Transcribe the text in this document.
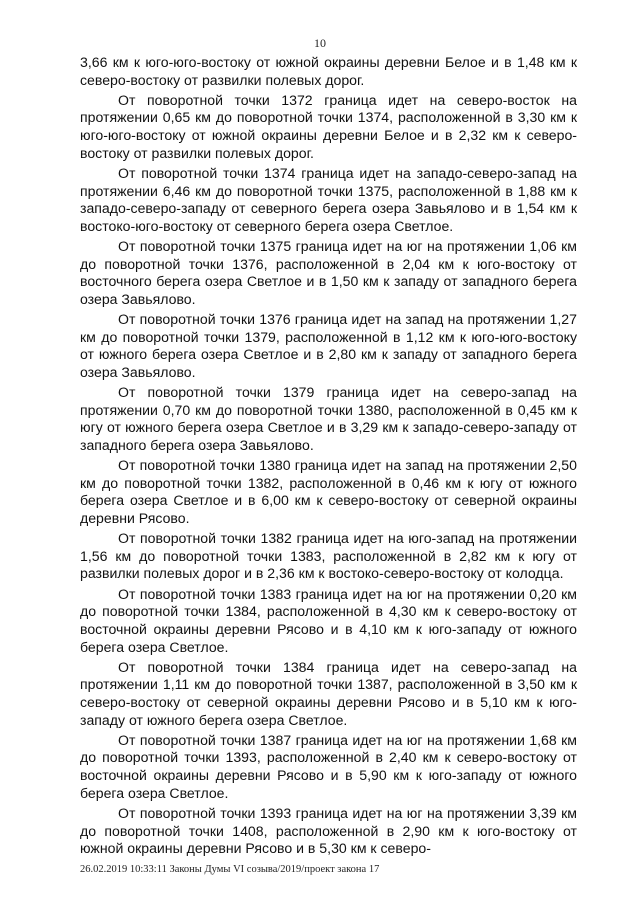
10

3,66 км к юго-юго-востоку от южной окраины деревни Белое и в 1,48 км к северо-востоку от развилки полевых дорог.

От поворотной точки 1372 граница идет на северо-восток на протяжении 0,65 км до поворотной точки 1374, расположенной в 3,30 км к юго-юго-востоку от южной окраины деревни Белое и в 2,32 км к северо-востоку от развилки полевых дорог.

От поворотной точки 1374 граница идет на западо-северо-запад на протяжении 6,46 км до поворотной точки 1375, расположенной в 1,88 км к западо-северо-западу от северного берега озера Завьялово и в 1,54 км к востоко-юго-востоку от северного берега озера Светлое.

От поворотной точки 1375 граница идет на юг на протяжении 1,06 км до поворотной точки 1376, расположенной в 2,04 км к юго-востоку от восточного берега озера Светлое и в 1,50 км к западу от западного берега озера Завьялово.

От поворотной точки 1376 граница идет на запад на протяжении 1,27 км до поворотной точки 1379, расположенной в 1,12 км к юго-юго-востоку от южного берега озера Светлое и в 2,80 км к западу от западного берега озера Завьялово.

От поворотной точки 1379 граница идет на северо-запад на протяжении 0,70 км до поворотной точки 1380, расположенной в 0,45 км к югу от южного берега озера Светлое и в 3,29 км к западо-северо-западу от западного берега озера Завьялово.

От поворотной точки 1380 граница идет на запад на протяжении 2,50 км до поворотной точки 1382, расположенной в 0,46 км к югу от южного берега озера Светлое и в 6,00 км к северо-востоку от северной окраины деревни Рясово.

От поворотной точки 1382 граница идет на юго-запад на протяжении 1,56 км до поворотной точки 1383, расположенной в 2,82 км к югу от развилки полевых дорог и в 2,36 км к востоко-северо-востоку от колодца.

От поворотной точки 1383 граница идет на юг на протяжении 0,20 км до поворотной точки 1384, расположенной в 4,30 км к северо-востоку от восточной окраины деревни Рясово и в 4,10 км к юго-западу от южного берега озера Светлое.

От поворотной точки 1384 граница идет на северо-запад на протяжении 1,11 км до поворотной точки 1387, расположенной в 3,50 км к северо-востоку от северной окраины деревни Рясово и в 5,10 км к юго-западу от южного берега озера Светлое.

От поворотной точки 1387 граница идет на юг на протяжении 1,68 км до поворотной точки 1393, расположенной в 2,40 км к северо-востоку от восточной окраины деревни Рясово и в 5,90 км к юго-западу от южного берега озера Светлое.

От поворотной точки 1393 граница идет на юг на протяжении 3,39 км до поворотной точки 1408, расположенной в 2,90 км к юго-востоку от южной окраины деревни Рясово и в 5,30 км к северо-

26.02.2019 10:33:11 Законы Думы VI созыва/2019/проект закона 17
